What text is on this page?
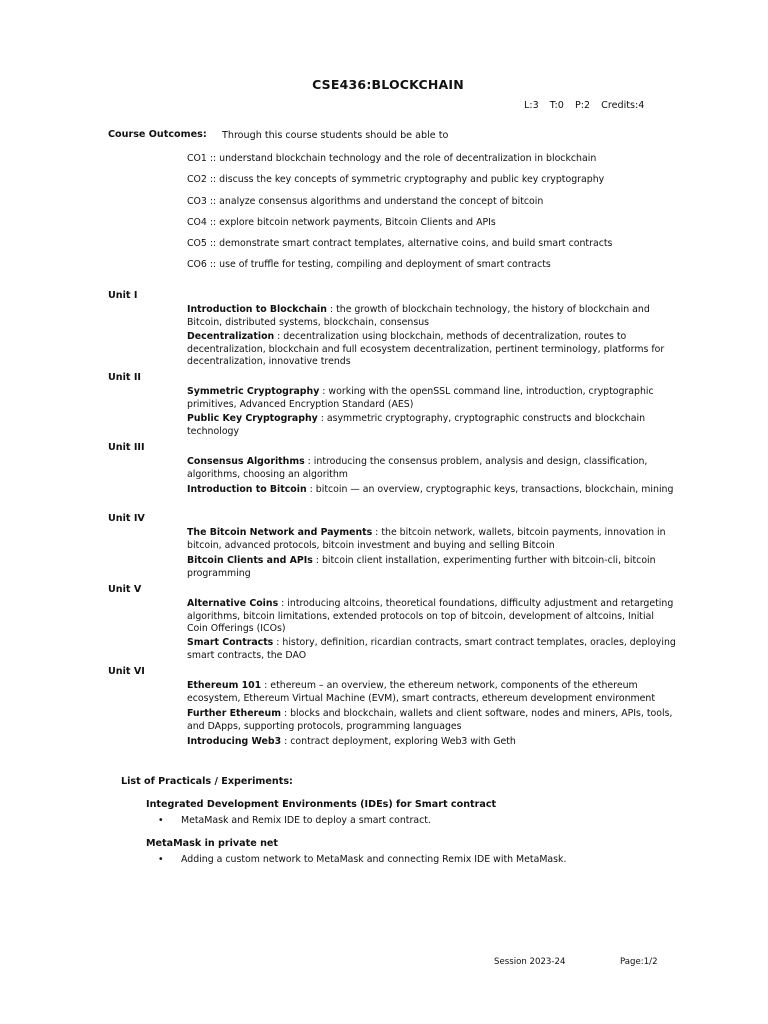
CSE436:BLOCKCHAIN
L:3 T:0 P:2 Credits:4
Course Outcomes: Through this course students should be able to
CO1 :: understand blockchain technology and the role of decentralization in blockchain
CO2 :: discuss the key concepts of symmetric cryptography and public key cryptography
CO3 :: analyze consensus algorithms and understand the concept of bitcoin
CO4 :: explore bitcoin network payments, Bitcoin Clients and APIs
CO5 :: demonstrate smart contract templates, alternative coins, and build smart contracts
CO6 :: use of truffle for testing, compiling and deployment of smart contracts
Unit I
Introduction to Blockchain : the growth of blockchain technology, the history of blockchain and Bitcoin, distributed systems, blockchain, consensus
Decentralization : decentralization using blockchain, methods of decentralization, routes to decentralization, blockchain and full ecosystem decentralization, pertinent terminology, platforms for decentralization, innovative trends
Unit II
Symmetric Cryptography : working with the openSSL command line, introduction, cryptographic primitives, Advanced Encryption Standard (AES)
Public Key Cryptography : asymmetric cryptography, cryptographic constructs and blockchain technology
Unit III
Consensus Algorithms : introducing the consensus problem, analysis and design, classification, algorithms, choosing an algorithm
Introduction to Bitcoin : bitcoin — an overview, cryptographic keys, transactions, blockchain, mining
Unit IV
The Bitcoin Network and Payments : the bitcoin network, wallets, bitcoin payments, innovation in bitcoin, advanced protocols, bitcoin investment and buying and selling Bitcoin
Bitcoin Clients and APIs : bitcoin client installation, experimenting further with bitcoin-cli, bitcoin programming
Unit V
Alternative Coins : introducing altcoins, theoretical foundations, difficulty adjustment and retargeting algorithms, bitcoin limitations, extended protocols on top of bitcoin, development of altcoins, Initial Coin Offerings (ICOs)
Smart Contracts : history, definition, ricardian contracts, smart contract templates, oracles, deploying smart contracts, the DAO
Unit VI
Ethereum 101 : ethereum – an overview, the ethereum network, components of the ethereum ecosystem, Ethereum Virtual Machine (EVM), smart contracts, ethereum development environment
Further Ethereum : blocks and blockchain, wallets and client software, nodes and miners, APIs, tools, and DApps, supporting protocols, programming languages
Introducing Web3 : contract deployment, exploring Web3 with Geth
List of Practicals / Experiments:
Integrated Development Environments (IDEs) for Smart contract
•	MetaMask and Remix IDE to deploy a smart contract.
MetaMask in private net
•	Adding a custom network to MetaMask and connecting Remix IDE with MetaMask.
Session 2023-24	Page:1/2
